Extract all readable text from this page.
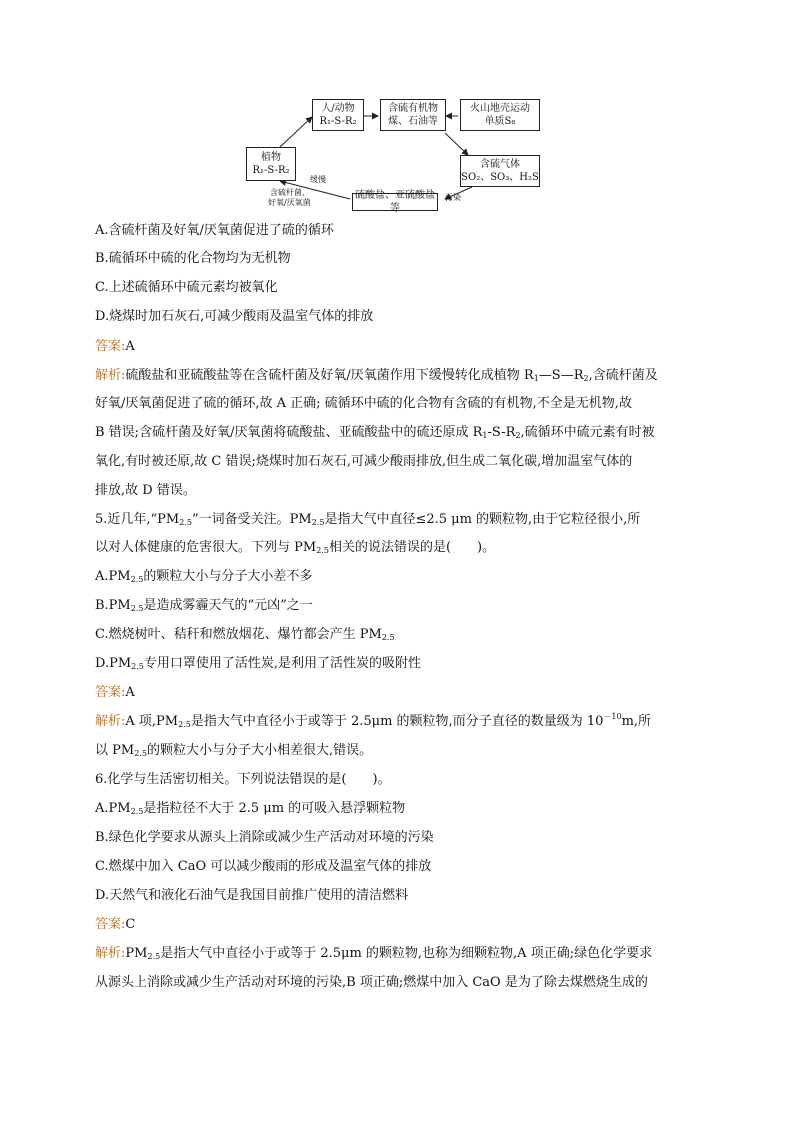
人/动物
R₁-S-R₂
含硫有机物
煤、石油等
火山地壳运动
单质S₈
植物
R₁-S-R₂
含硫气体
SO₂、SO₃、H₂S
硫酸盐、亚硫酸盐等
缓慢
含硫杆菌、
好氧/厌氧菌
污染
A.含硫杆菌及好氧/厌氧菌促进了硫的循环
B.硫循环中硫的化合物均为无机物
C.上述硫循环中硫元素均被氧化
D.烧煤时加石灰石,可减少酸雨及温室气体的排放
答案:A
解析:硫酸盐和亚硫酸盐等在含硫杆菌及好氧/厌氧菌作用下缓慢转化成植物 $R_1—S—R_2$,含硫杆菌及
好氧/厌氧菌促进了硫的循环,故 A 正确; 硫循环中硫的化合物有含硫的有机物,不全是无机物,故
B 错误;含硫杆菌及好氧/厌氧菌将硫酸盐、亚硫酸盐中的硫还原成 $R_1-S-R_2$,硫循环中硫元素有时被
氧化,有时被还原,故 C 错误;烧煤时加石灰石,可减少酸雨排放,但生成二氧化碳,增加温室气体的
排放,故 D 错误。
5.近几年$,“PM_{2.5}$”一词备受关注。$PM_{2.5}$是指大气中直径≤2.5 μm 的颗粒物,由于它粒径很小,所
以对人体健康的危害很大。下列与 $PM_{2.5}$相关的说法错误的是(　　)。
$A.PM_{2.5}$的颗粒大小与分子大小差不多
$B.PM_{2.5}$是造成雾霾天气的“元凶”之一
C.燃烧树叶、秸秆和燃放烟花、爆竹都会产生 $PM_{2.5}$
$D.PM_{2.5}$专用口罩使用了活性炭,是利用了活性炭的吸附性
答案:A
解析:A 项$,PM_{2.5}$是指大气中直径小于或等于 2.5μm 的颗粒物,而分子直径的数量级为 $10^{-10}m$,所
以 $PM_{2.5}$的颗粒大小与分子大小相差很大,错误。
6.化学与生活密切相关。下列说法错误的是(　　)。
$A.PM_{2.5}$是指粒径不大于 2.5 μm 的可吸入悬浮颗粒物
B.绿色化学要求从源头上消除或减少生产活动对环境的污染
C.燃煤中加入 CaO 可以减少酸雨的形成及温室气体的排放
D.天然气和液化石油气是我国目前推广使用的清洁燃料
答案:C
解析$:PM_{2.5}$是指大气中直径小于或等于 2.5μm 的颗粒物,也称为细颗粒物,A 项正确;绿色化学要求
从源头上消除或减少生产活动对环境的污染,B 项正确;燃煤中加入 CaO 是为了除去煤燃烧生成的
